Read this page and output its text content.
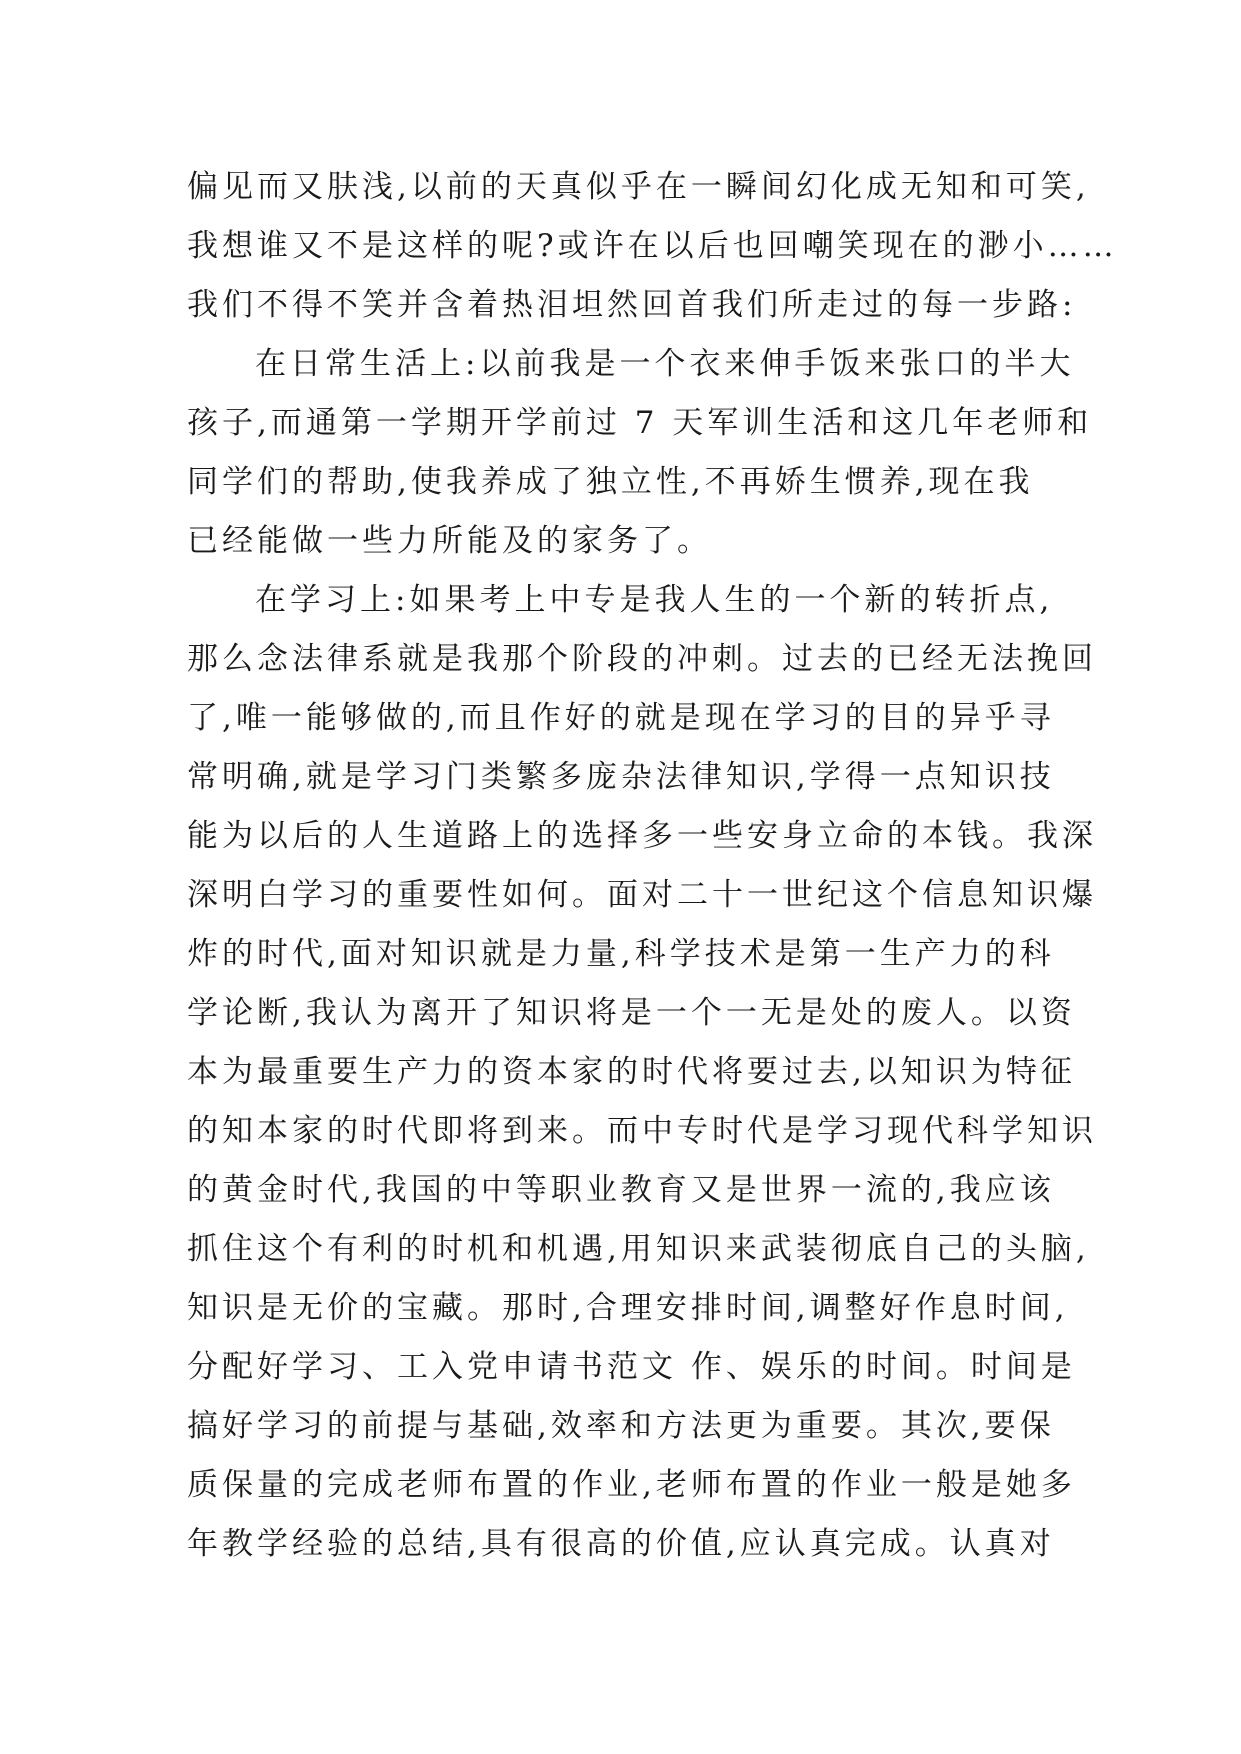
偏见而又肤浅,以前的天真似乎在一瞬间幻化成无知和可笑,
我想谁又不是这样的呢?或许在以后也回嘲笑现在的渺小……
我们不得不笑并含着热泪坦然回首我们所走过的每一步路:
在日常生活上:以前我是一个衣来伸手饭来张口的半大
孩子,而通第一学期开学前过 7 天军训生活和这几年老师和
同学们的帮助,使我养成了独立性,不再娇生惯养,现在我
已经能做一些力所能及的家务了。
在学习上:如果考上中专是我人生的一个新的转折点,
那么念法律系就是我那个阶段的冲刺。过去的已经无法挽回
了,唯一能够做的,而且作好的就是现在学习的目的异乎寻
常明确,就是学习门类繁多庞杂法律知识,学得一点知识技
能为以后的人生道路上的选择多一些安身立命的本钱。我深
深明白学习的重要性如何。面对二十一世纪这个信息知识爆
炸的时代,面对知识就是力量,科学技术是第一生产力的科
学论断,我认为离开了知识将是一个一无是处的废人。以资
本为最重要生产力的资本家的时代将要过去,以知识为特征
的知本家的时代即将到来。而中专时代是学习现代科学知识
的黄金时代,我国的中等职业教育又是世界一流的,我应该
抓住这个有利的时机和机遇,用知识来武装彻底自己的头脑,
知识是无价的宝藏。那时,合理安排时间,调整好作息时间,
分配好学习、工入党申请书范文 作、娱乐的时间。时间是
搞好学习的前提与基础,效率和方法更为重要。其次,要保
质保量的完成老师布置的作业,老师布置的作业一般是她多
年教学经验的总结,具有很高的价值,应认真完成。认真对
